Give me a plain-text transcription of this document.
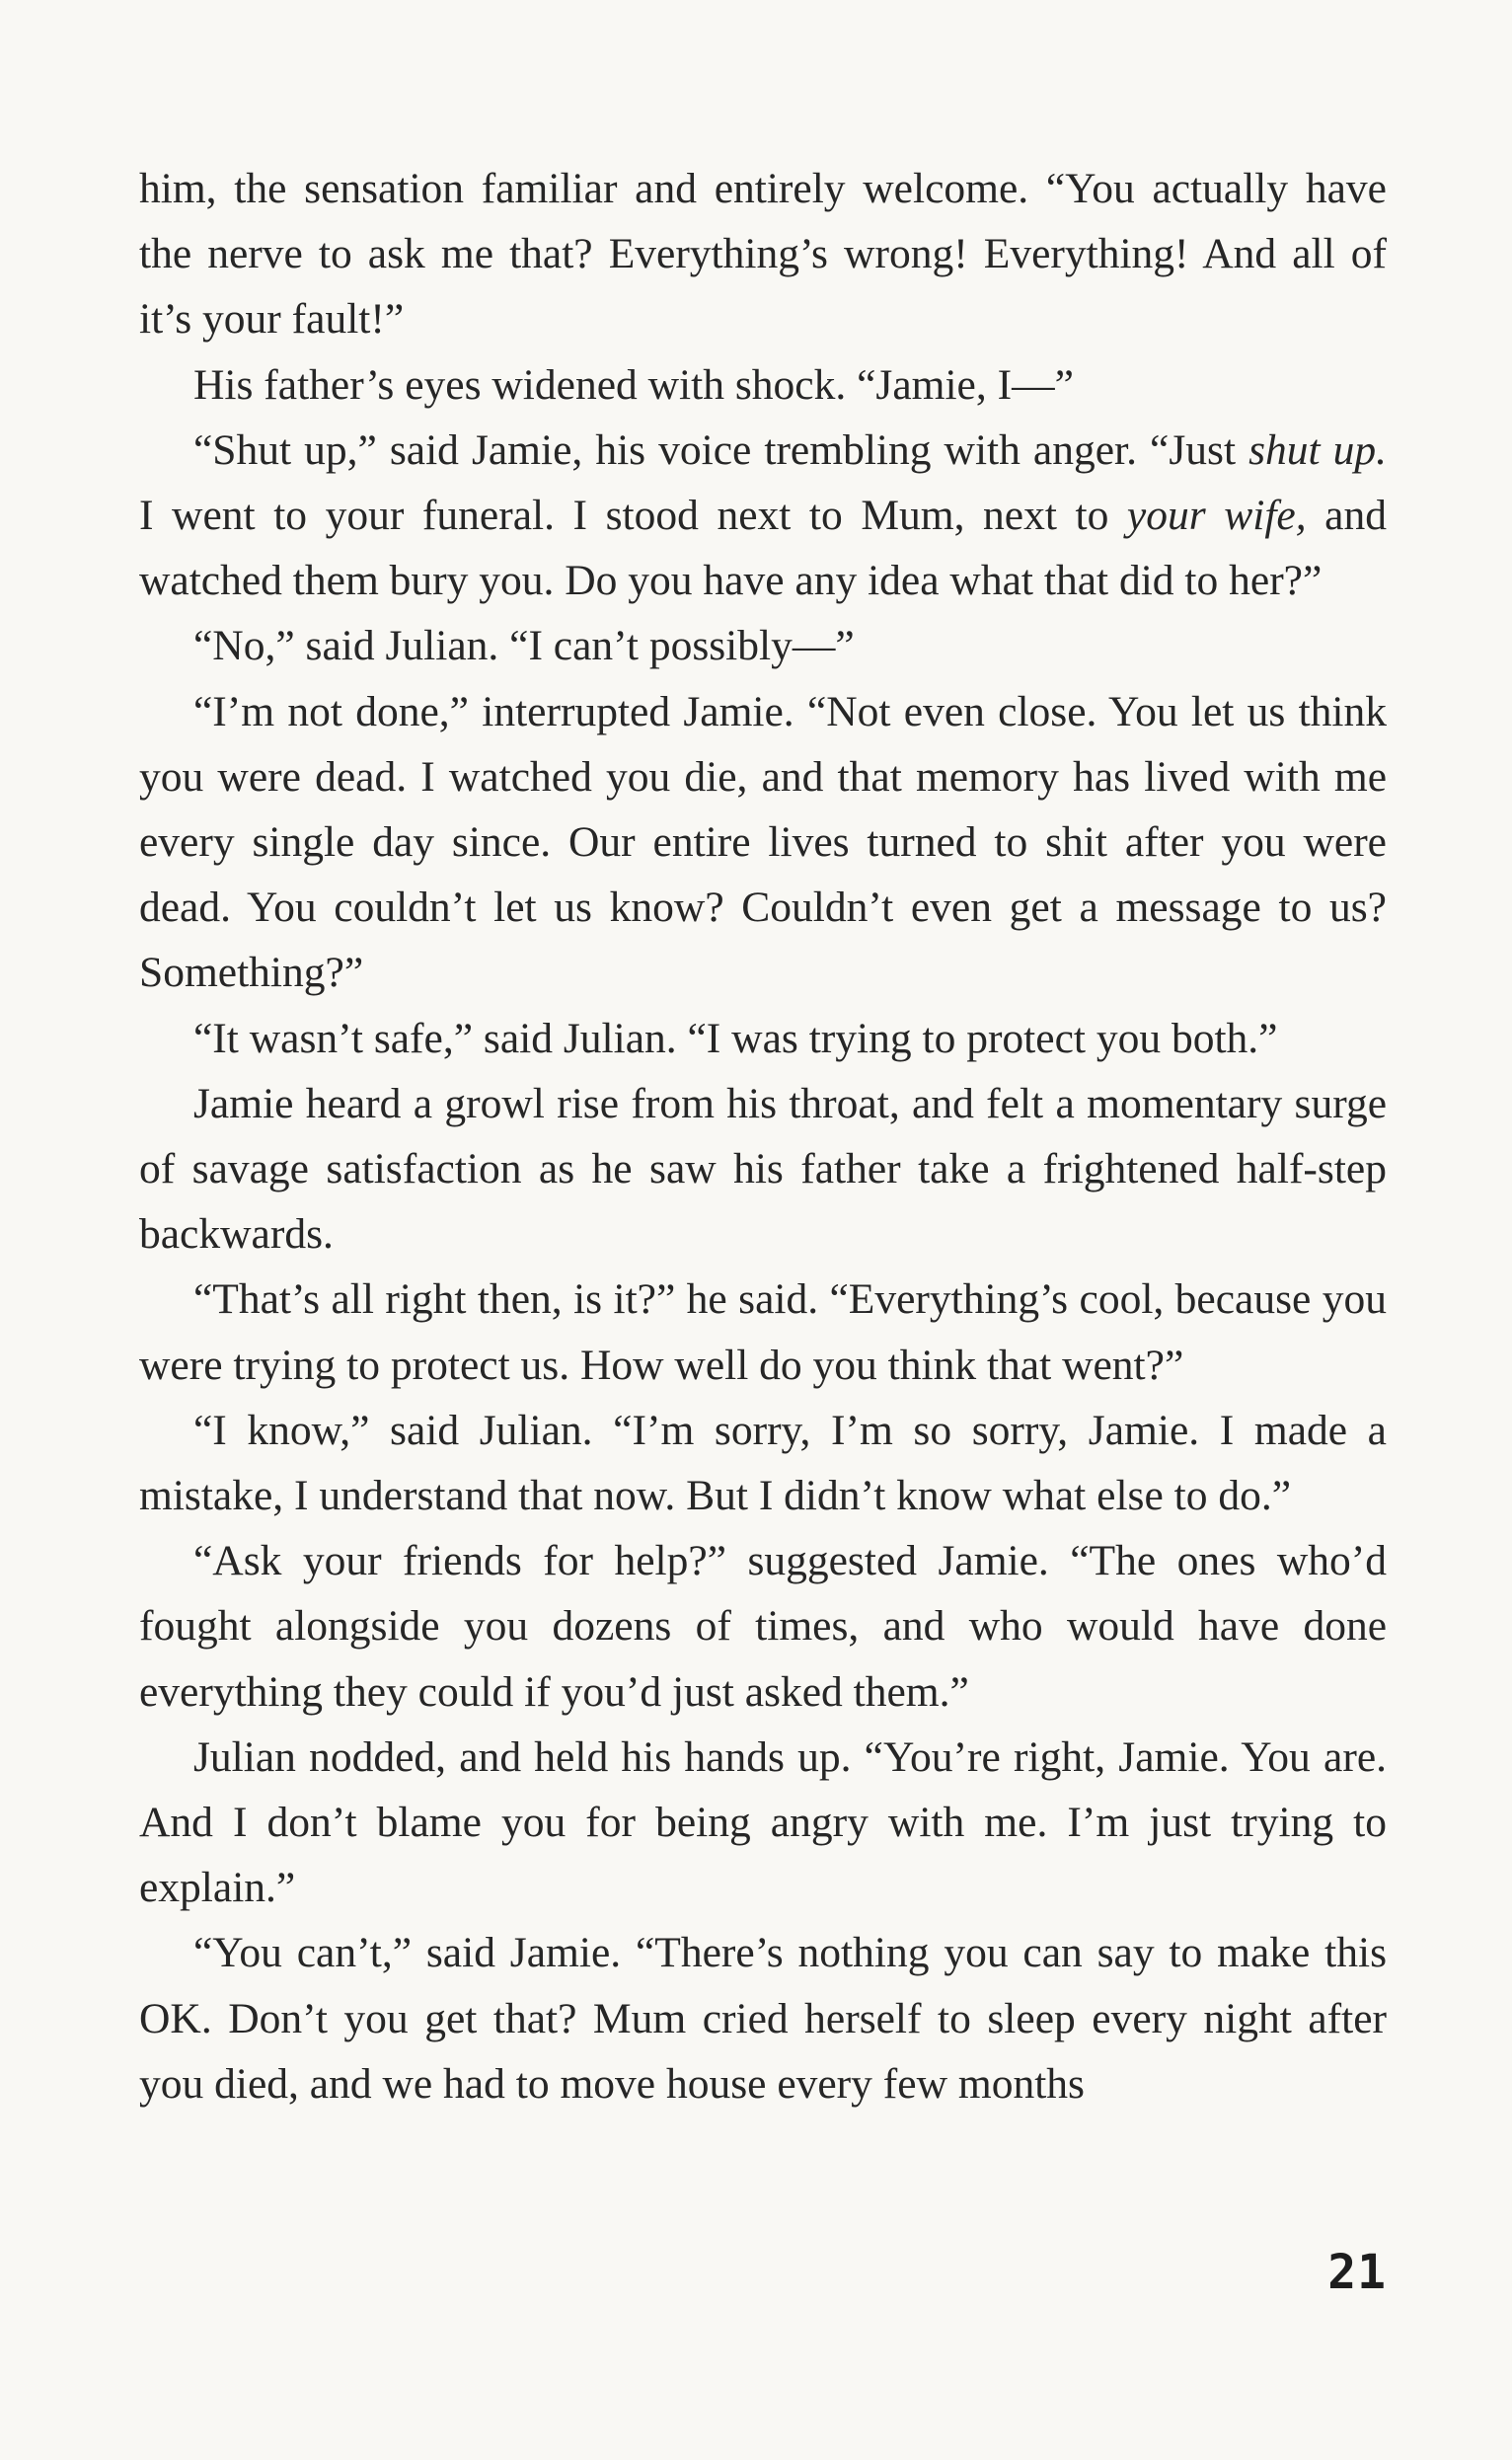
him, the sensation familiar and entirely welcome. “You actually have the nerve to ask me that? Everything’s wrong! Everything! And all of it’s your fault!”

His father’s eyes widened with shock. “Jamie, I—”

“Shut up,” said Jamie, his voice trembling with anger. “Just shut up. I went to your funeral. I stood next to Mum, next to your wife, and watched them bury you. Do you have any idea what that did to her?”

“No,” said Julian. “I can’t possibly—”

“I’m not done,” interrupted Jamie. “Not even close. You let us think you were dead. I watched you die, and that memory has lived with me every single day since. Our entire lives turned to shit after you were dead. You couldn’t let us know? Couldn’t even get a message to us? Something?”

“It wasn’t safe,” said Julian. “I was trying to protect you both.”

Jamie heard a growl rise from his throat, and felt a momentary surge of savage satisfaction as he saw his father take a frightened half-step backwards.

“That’s all right then, is it?” he said. “Everything’s cool, because you were trying to protect us. How well do you think that went?”

“I know,” said Julian. “I’m sorry, I’m so sorry, Jamie. I made a mistake, I understand that now. But I didn’t know what else to do.”

“Ask your friends for help?” suggested Jamie. “The ones who’d fought alongside you dozens of times, and who would have done everything they could if you’d just asked them.”

Julian nodded, and held his hands up. “You’re right, Jamie. You are. And I don’t blame you for being angry with me. I’m just trying to explain.”

“You can’t,” said Jamie. “There’s nothing you can say to make this OK. Don’t you get that? Mum cried herself to sleep every night after you died, and we had to move house every few months

21
